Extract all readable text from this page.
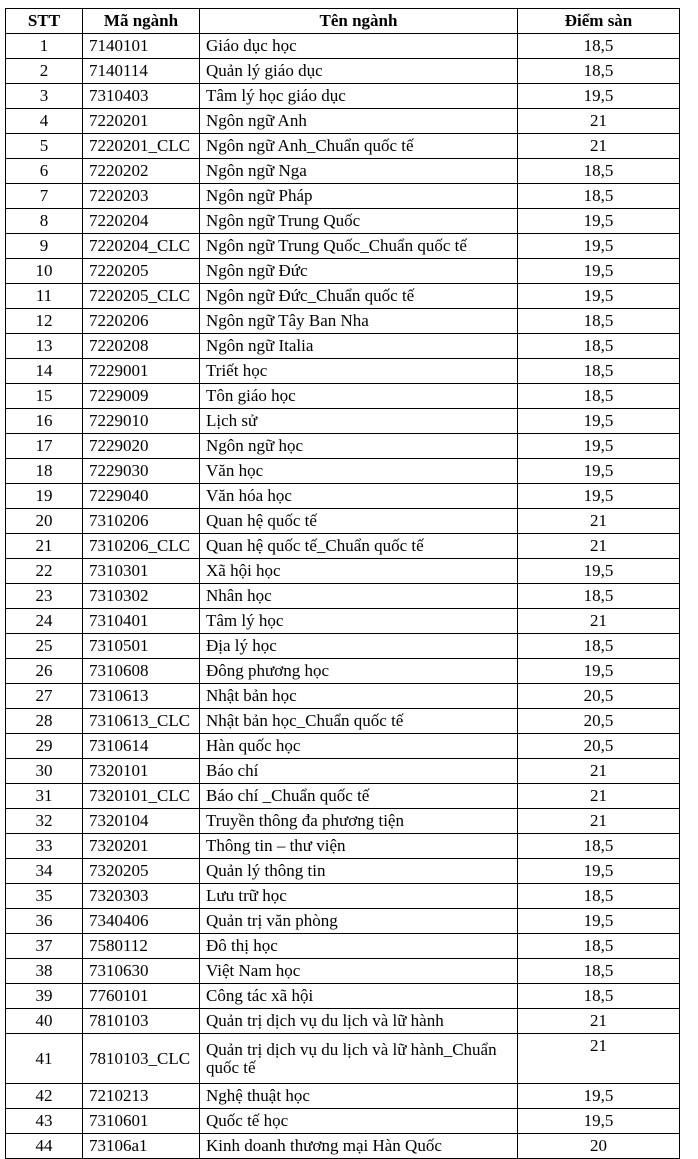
STT	Mã ngành	Tên ngành	Điểm sàn
1	7140101	Giáo dục học	18,5
2	7140114	Quản lý giáo dục	18,5
3	7310403	Tâm lý học giáo dục	19,5
4	7220201	Ngôn ngữ Anh	21
5	7220201_CLC	Ngôn ngữ Anh_Chuẩn quốc tế	21
6	7220202	Ngôn ngữ Nga	18,5
7	7220203	Ngôn ngữ Pháp	18,5
8	7220204	Ngôn ngữ Trung Quốc	19,5
9	7220204_CLC	Ngôn ngữ Trung Quốc_Chuẩn quốc tế	19,5
10	7220205	Ngôn ngữ Đức	19,5
11	7220205_CLC	Ngôn ngữ Đức_Chuẩn quốc tế	19,5
12	7220206	Ngôn ngữ Tây Ban Nha	18,5
13	7220208	Ngôn ngữ Italia	18,5
14	7229001	Triết học	18,5
15	7229009	Tôn giáo học	18,5
16	7229010	Lịch sử	19,5
17	7229020	Ngôn ngữ học	19,5
18	7229030	Văn học	19,5
19	7229040	Văn hóa học	19,5
20	7310206	Quan hệ quốc tế	21
21	7310206_CLC	Quan hệ quốc tế_Chuẩn quốc tế	21
22	7310301	Xã hội học	19,5
23	7310302	Nhân học	18,5
24	7310401	Tâm lý học	21
25	7310501	Địa lý học	18,5
26	7310608	Đông phương học	19,5
27	7310613	Nhật bản học	20,5
28	7310613_CLC	Nhật bản học_Chuẩn quốc tế	20,5
29	7310614	Hàn quốc học	20,5
30	7320101	Báo chí	21
31	7320101_CLC	Báo chí _Chuẩn quốc tế	21
32	7320104	Truyền thông đa phương tiện	21
33	7320201	Thông tin – thư viện	18,5
34	7320205	Quản lý thông tin	19,5
35	7320303	Lưu trữ học	18,5
36	7340406	Quản trị văn phòng	19,5
37	7580112	Đô thị học	18,5
38	7310630	Việt Nam học	18,5
39	7760101	Công tác xã hội	18,5
40	7810103	Quản trị dịch vụ du lịch và lữ hành	21
41	7810103_CLC	Quản trị dịch vụ du lịch và lữ hành_Chuẩn quốc tế	21
42	7210213	Nghệ thuật học	19,5
43	7310601	Quốc tế học	19,5
44	73106a1	Kinh doanh thương mại Hàn Quốc	20
